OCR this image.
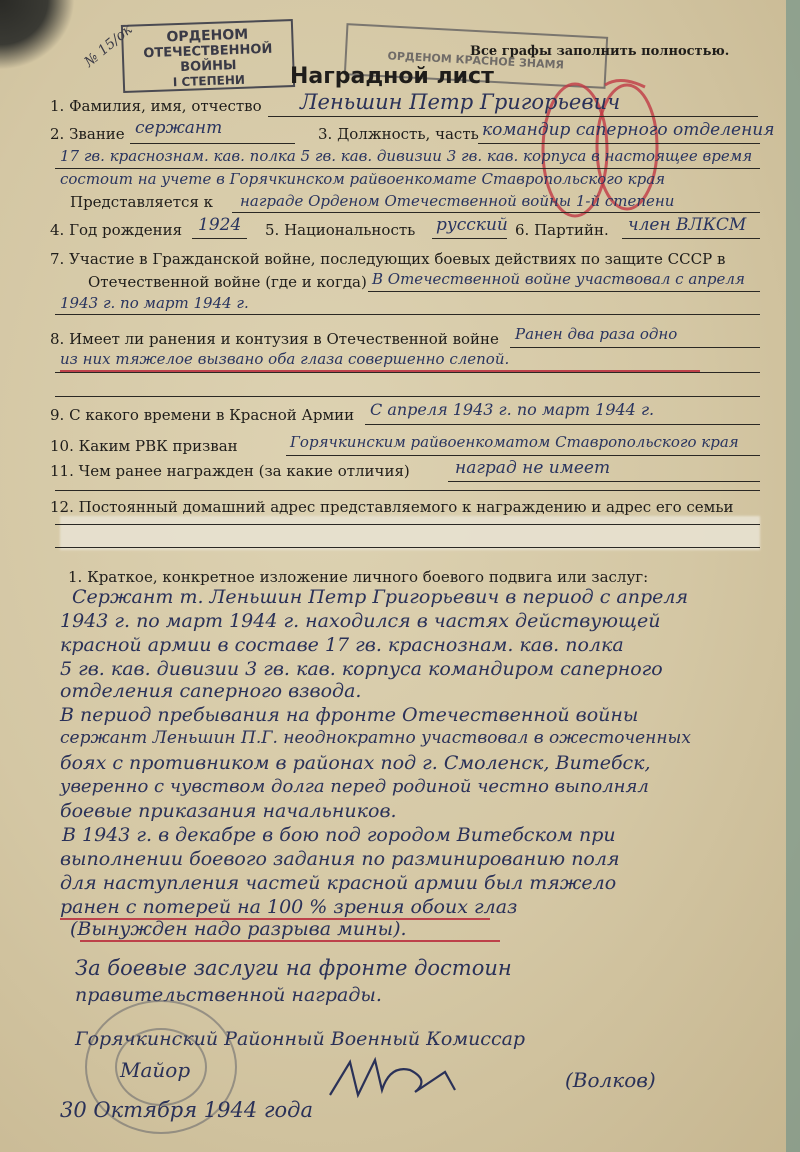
ОРДЕНОМ
ОТЕЧЕСТВЕННОЙ ВОЙНЫ
I СТЕПЕНИ
ОРДЕНОМ КРАСНОЕ ЗНАМЯ
№ 15/ок	Все графы заполнить полностью.
Наградной лист
1. Фамилия, имя, отчество Леньшин Петр Григорьевич
2. Звание сержант	3. Должность, часть командир саперного отделения
17 гв. краснознам. кав. полка 5 гв. кав. дивизии 3 гв. кав. корпуса в настоящее время
состоит на учете в Горячкинском райвоенкомате Ставропольского края
Представляется к награде Орденом Отечественной войны 1-й степени
4. Год рождения 1924 5. Национальность русский 6. Партийн. член ВЛКСМ
7. Участие в Гражданской войне, последующих боевых действиях по защите СССР в
Отечественной войне (где и когда) В Отечественной войне участвовал с апреля
1943 г. по март 1944 г.
8. Имеет ли ранения и контузия в Отечественной войне Ранен два раза одно
из них тяжелое вызвано оба глаза совершенно слепой.
9. С какого времени в Красной Армии С апреля 1943 г. по март 1944 г.
10. Каким РВК призван	Горячкинским райвоенкоматом Ставропольского края
11. Чем ранее награжден (за какие отличия)	наград не имеет
12. Постоянный домашний адрес представляемого к награждению и адрес его семьи
1. Краткое, конкретное изложение личного боевого подвига или заслуг:
Сержант т. Леньшин Петр Григорьевич в период с апреля
1943 г. по март 1944 г. находился в частях действующей
красной армии в составе 17 гв. краснознам. кав. полка
5 гв. кав. дивизии 3 гв. кав. корпуса командиром саперного
отделения саперного взвода.
В период пребывания на фронте Отечественной войны
сержант Леньшин П.Г. неоднократно участвовал в ожесточенных
боях с противником в районах под г. Смоленск, Витебск,
уверенно с чувством долга перед родиной честно выполнял
боевые приказания начальников.
В 1943 г. в декабре в бою под городом Витебском при
выполнении боевого задания по разминированию поля
для наступления частей красной армии был тяжело
ранен с потерей на 100 % зрения обоих глаз
(Вынужден надо разрыва мины).
За боевые заслуги на фронте достоин
правительственной награды.
Горячкинский Районный Военный Комиссар
Майор	(Волков)
30 Октября 1944 года
